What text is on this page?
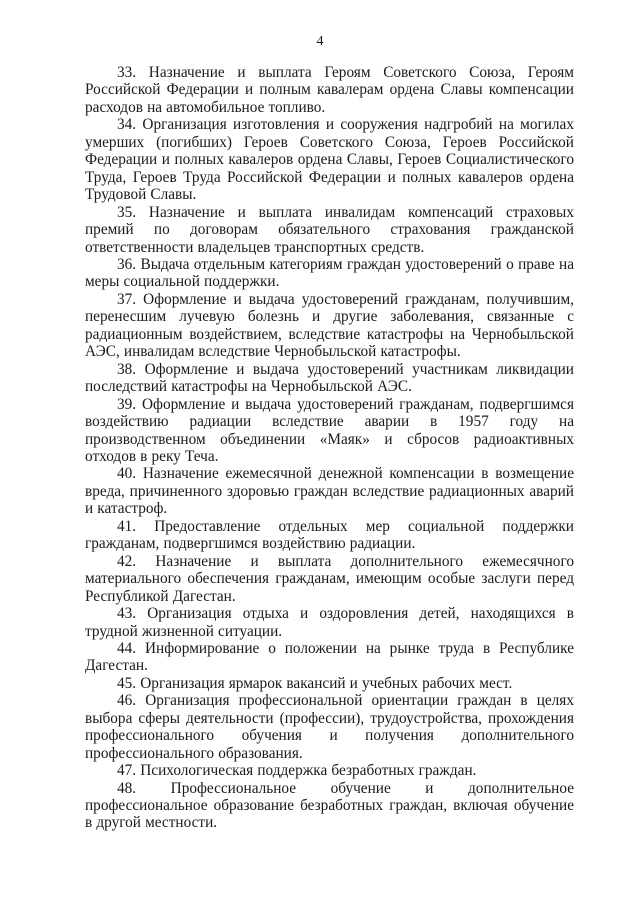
4

33. Назначение и выплата Героям Советского Союза, Героям Российской Федерации и полным кавалерам ордена Славы компенсации расходов на автомобильное топливо.

34. Организация изготовления и сооружения надгробий на могилах умерших (погибших) Героев Советского Союза, Героев Российской Федерации и полных кавалеров ордена Славы, Героев Социалистического Труда, Героев Труда Российской Федерации и полных кавалеров ордена Трудовой Славы.

35. Назначение и выплата инвалидам компенсаций страховых премий по договорам обязательного страхования гражданской ответственности владельцев транспортных средств.

36. Выдача отдельным категориям граждан удостоверений о праве на меры социальной поддержки.

37. Оформление и выдача удостоверений гражданам, получившим, перенесшим лучевую болезнь и другие заболевания, связанные с радиационным воздействием, вследствие катастрофы на Чернобыльской АЭС, инвалидам вследствие Чернобыльской катастрофы.

38. Оформление и выдача удостоверений участникам ликвидации последствий катастрофы на Чернобыльской АЭС.

39. Оформление и выдача удостоверений гражданам, подвергшимся воздействию радиации вследствие аварии в 1957 году на производственном объединении «Маяк» и сбросов радиоактивных отходов в реку Теча.

40. Назначение ежемесячной денежной компенсации в возмещение вреда, причиненного здоровью граждан вследствие радиационных аварий и катастроф.

41. Предоставление отдельных мер социальной поддержки гражданам, подвергшимся воздействию радиации.

42. Назначение и выплата дополнительного ежемесячного материального обеспечения гражданам, имеющим особые заслуги перед Республикой Дагестан.

43. Организация отдыха и оздоровления детей, находящихся в трудной жизненной ситуации.

44. Информирование о положении на рынке труда в Республике Дагестан.

45. Организация ярмарок вакансий и учебных рабочих мест.

46. Организация профессиональной ориентации граждан в целях выбора сферы деятельности (профессии), трудоустройства, прохождения профессионального обучения и получения дополнительного профессионального образования.

47. Психологическая поддержка безработных граждан.

48. Профессиональное обучение и дополнительное профессиональное образование безработных граждан, включая обучение в другой местности.
